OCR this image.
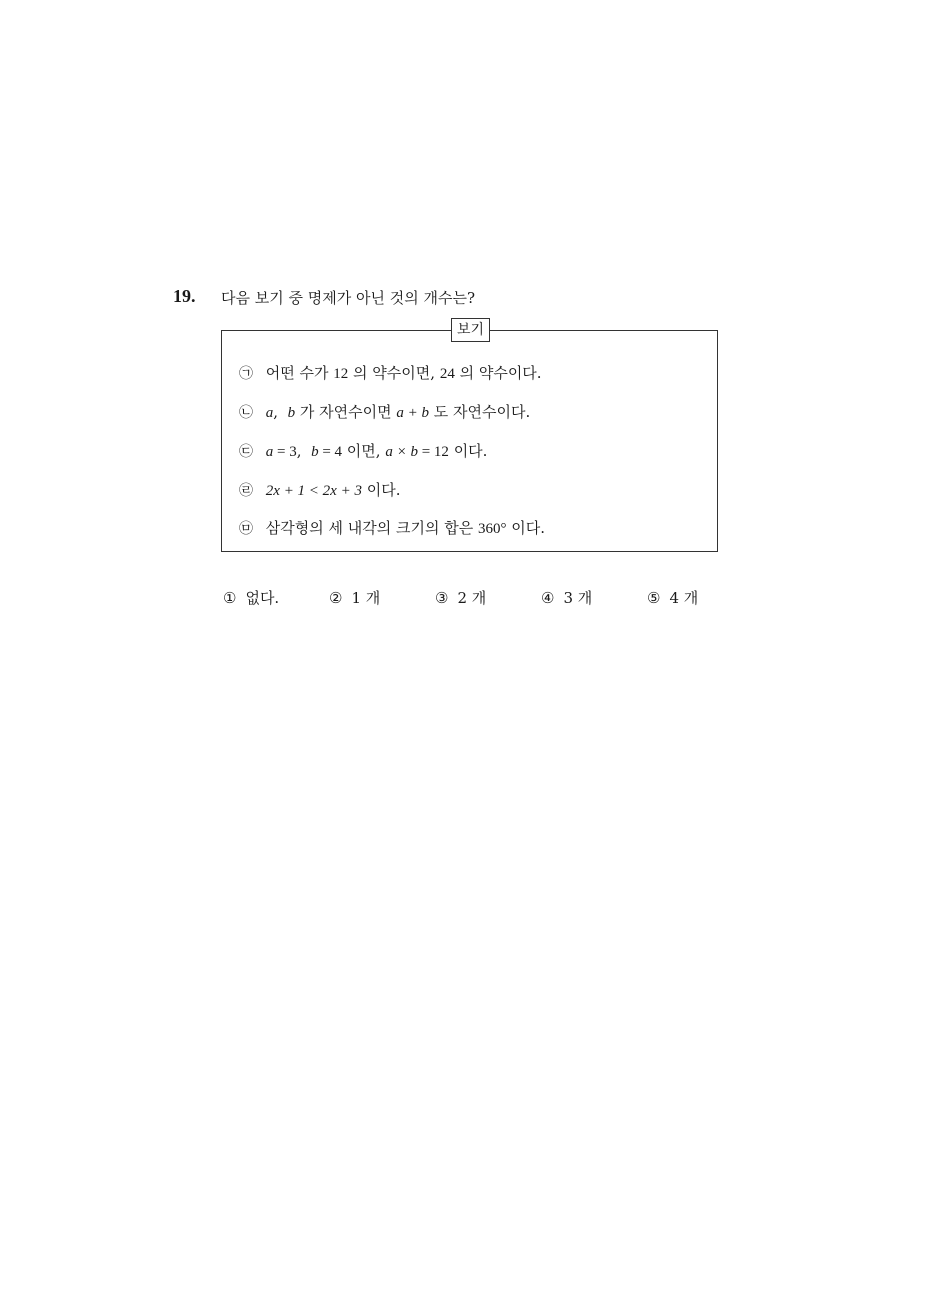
19. 다음 보기 중 명제가 아닌 것의 개수는?
보기
㉠ 어떤 수가 12 의 약수이면, 24 의 약수이다.
㉡ a,  b 가 자연수이면 a + b 도 자연수이다.
㉢ a = 3,  b = 4 이면, a × b = 12 이다.
㉣ 2x + 1 < 2x + 3 이다.
㉤ 삼각형의 세 내각의 크기의 합은 360° 이다.
① 없다.	② 1 개	③ 2 개	④ 3 개	⑤ 4 개
